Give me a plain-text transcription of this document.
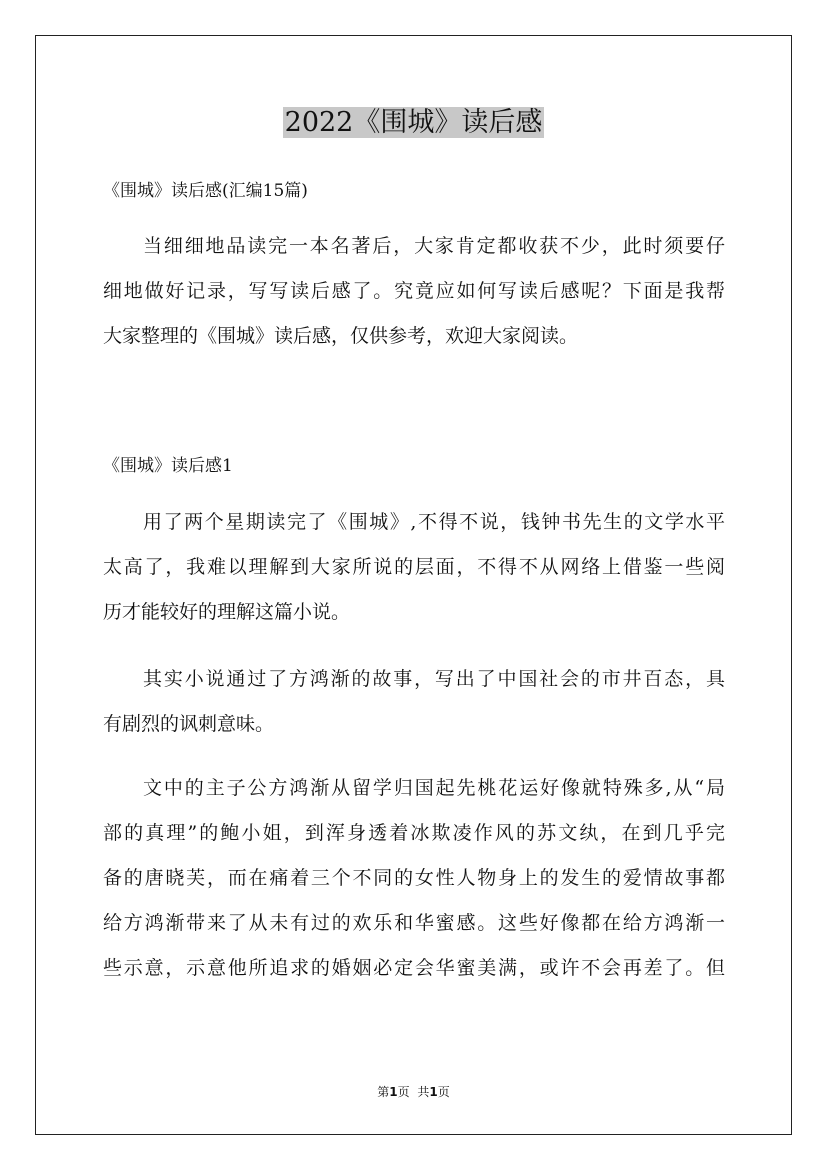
2022《围城》读后感
《围城》读后感(汇编15篇)
当细细地品读完一本名著后，大家肯定都收获不少，此时须要仔
细地做好记录，写写读后感了。究竟应如何写读后感呢？下面是我帮
大家整理的《围城》读后感，仅供参考，欢迎大家阅读。
《围城》读后感1
用了两个星期读完了《围城》,不得不说，钱钟书先生的文学水平
太高了，我难以理解到大家所说的层面，不得不从网络上借鉴一些阅
历才能较好的理解这篇小说。
其实小说通过了方鸿渐的故事，写出了中国社会的市井百态，具
有剧烈的讽刺意味。
文中的主子公方鸿渐从留学归国起先桃花运好像就特殊多,从“局
部的真理”的鲍小姐，到浑身透着冰欺凌作风的苏文纨，在到几乎完
备的唐晓芙，而在痛着三个不同的女性人物身上的发生的爱情故事都
给方鸿渐带来了从未有过的欢乐和华蜜感。这些好像都在给方鸿渐一
些示意，示意他所追求的婚姻必定会华蜜美满，或许不会再差了。但
第1页 共1页
